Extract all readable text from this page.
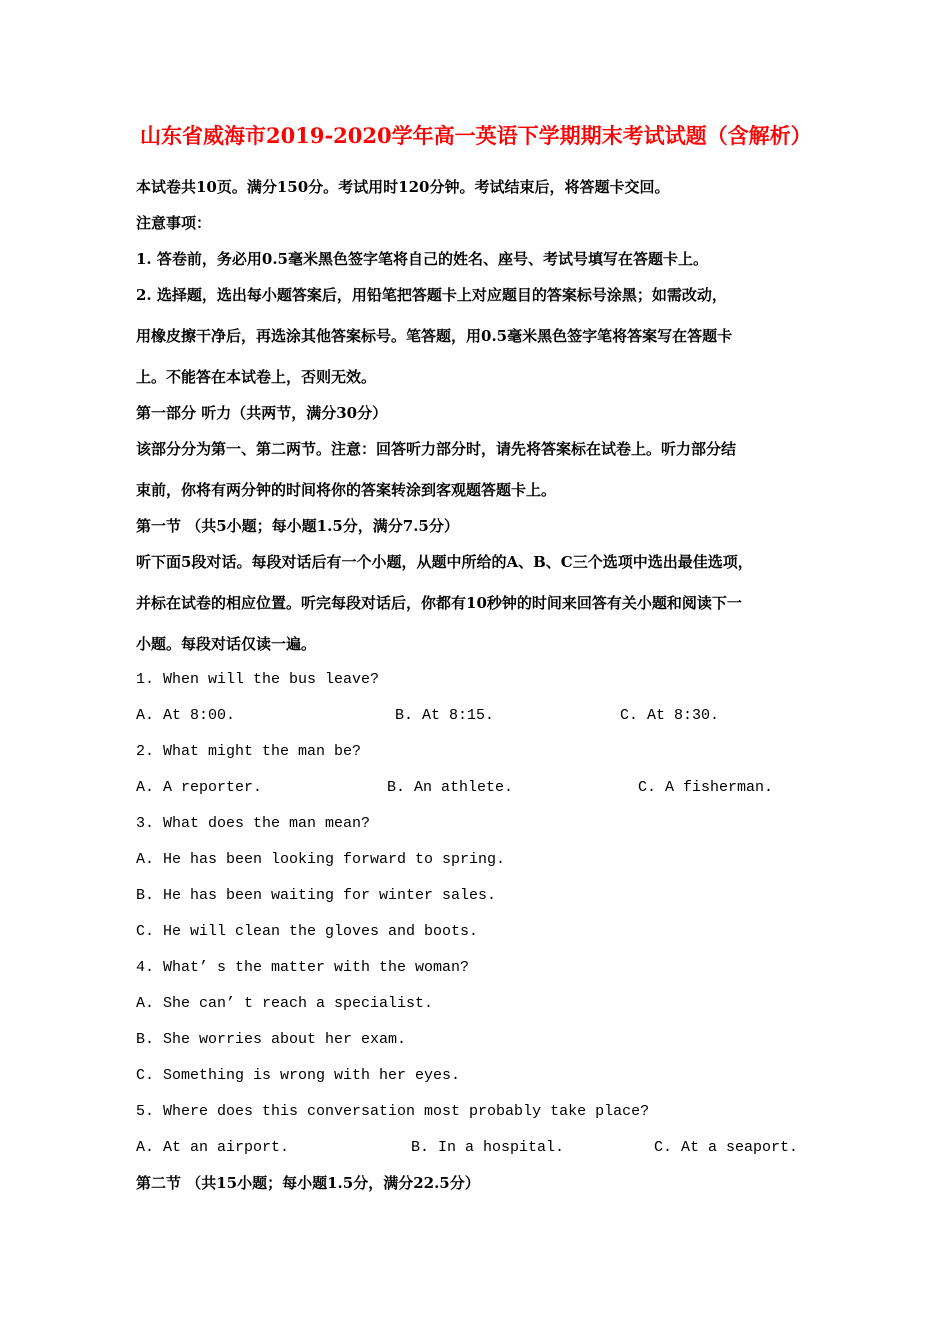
山东省威海市2019-2020学年高一英语下学期期末考试试题（含解析）

本试卷共10页。满分150分。考试用时120分钟。考试结束后，将答题卡交回。

注意事项：

1. 答卷前，务必用0.5毫米黑色签字笔将自己的姓名、座号、考试号填写在答题卡上。

2. 选择题，选出每小题答案后，用铅笔把答题卡上对应题目的答案标号涂黑；如需改动，

用橡皮擦干净后，再选涂其他答案标号。笔答题，用0.5毫米黑色签字笔将答案写在答题卡

上。不能答在本试卷上，否则无效。

第一部分 听力（共两节，满分30分）

该部分分为第一、第二两节。注意：回答听力部分时，请先将答案标在试卷上。听力部分结

束前，你将有两分钟的时间将你的答案转涂到客观题答题卡上。

第一节 （共5小题；每小题1.5分，满分7.5分）

听下面5段对话。每段对话后有一个小题，从题中所给的A、B、C三个选项中选出最佳选项，

并标在试卷的相应位置。听完每段对话后，你都有10秒钟的时间来回答有关小题和阅读下一

小题。每段对话仅读一遍。

1. When will the bus leave?

A. At 8:00.	B. At 8:15.	C. At 8:30.

2. What might the man be?

A. A reporter.	B. An athlete.	C. A fisherman.

3. What does the man mean?

A. He has been looking forward to spring.

B. He has been waiting for winter sales.

C. He will clean the gloves and boots.

4. What’ s the matter with the woman?

A. She can’ t reach a specialist.

B. She worries about her exam.

C. Something is wrong with her eyes.

5. Where does this conversation most probably take place?

A. At an airport.	B. In a hospital.	C. At a seaport.

第二节 （共15小题；每小题1.5分，满分22.5分）
